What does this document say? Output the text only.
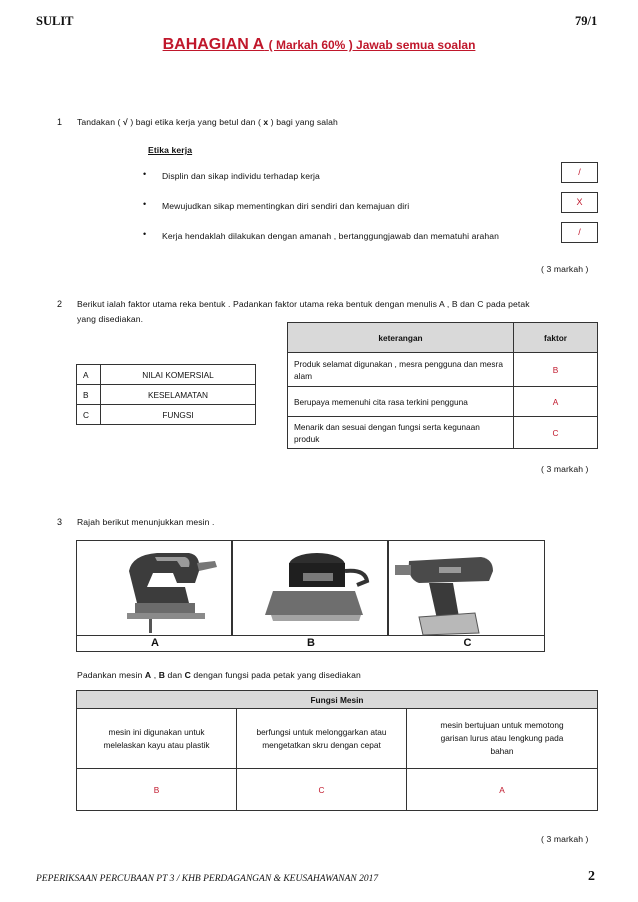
SULIT	79/1
BAHAGIAN A ( Markah 60% ) Jawab semua soalan
1 Tandakan ( √ ) bagi etika kerja yang betul dan ( x ) bagi yang salah
Etika kerja
• Displin dan sikap individu terhadap kerja	/
• Mewujudkan sikap mementingkan diri sendiri dan kemajuan diri	X
• Kerja hendaklah dilakukan dengan amanah , bertanggungjawab dan mematuhi arahan	/
( 3 markah )
2 Berikut ialah faktor utama reka bentuk . Padankan faktor utama reka bentuk dengan menulis A , B dan C pada petak
yang disediakan.
A	NILAI KOMERSIAL
B	KESELAMATAN
C	FUNGSI
keterangan	faktor
Produk selamat digunakan , mesra pengguna dan mesra alam	B
Berupaya memenuhi cita rasa terkini pengguna	A
Menarik dan sesuai dengan fungsi serta kegunaan produk	C
( 3 markah )
3 Rajah berikut menunjukkan mesin .
A	B	C
Padankan mesin A , B dan C dengan fungsi pada petak yang disediakan
Fungsi Mesin		
mesin ini digunakan untuk melelaskan kayu atau plastik	berfungsi untuk melonggarkan atau mengetatkan skru dengan cepat	mesin bertujuan untuk memotong garisan lurus atau lengkung pada bahan
B	C	A
( 3 markah )
PEPERIKSAAN PERCUBAAN PT 3 / KHB PERDAGANGAN & KEUSAHAWANAN 2017	2
